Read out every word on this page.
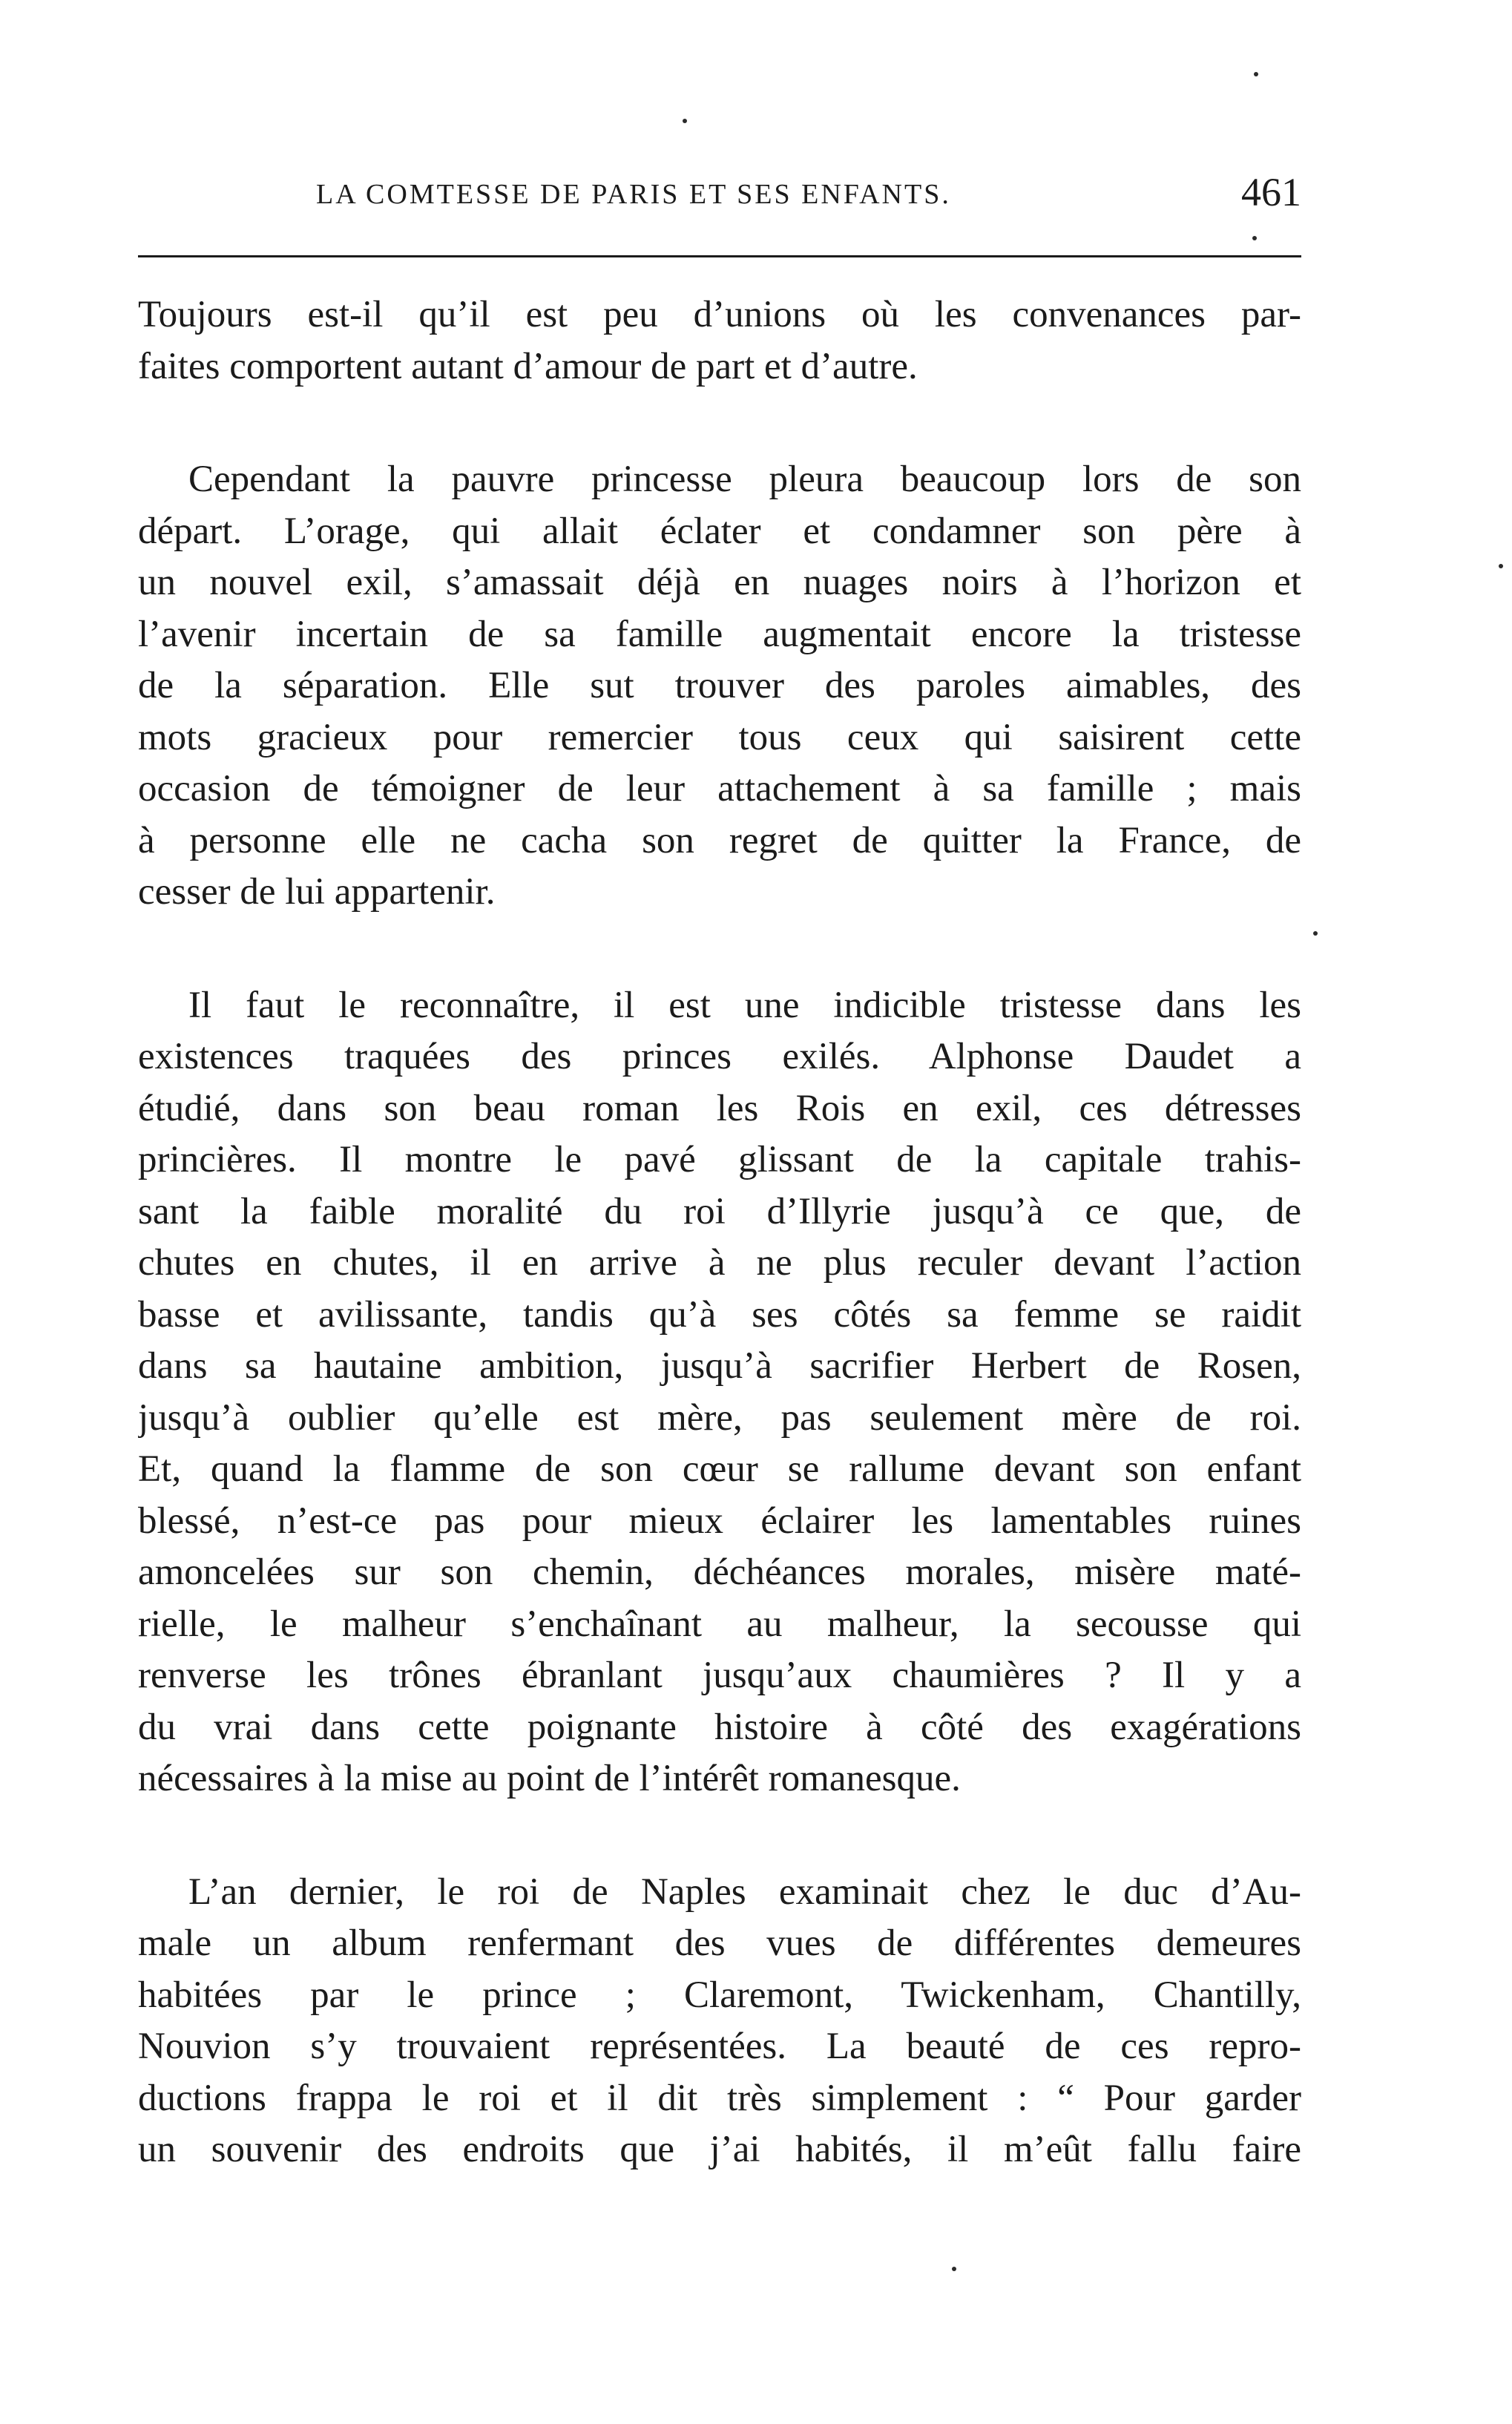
LA COMTESSE DE PARIS ET SES ENFANTS.	461

Toujours est-il qu’il est peu d’unions où les convenances par-
faites comportent autant d’amour de part et d’autre.

Cependant la pauvre princesse pleura beaucoup lors de son
départ. L’orage, qui allait éclater et condamner son père à
un nouvel exil, s’amassait déjà en nuages noirs à l’horizon et
l’avenir incertain de sa famille augmentait encore la tristesse
de la séparation. Elle sut trouver des paroles aimables, des
mots gracieux pour remercier tous ceux qui saisirent cette
occasion de témoigner de leur attachement à sa famille ; mais
à personne elle ne cacha son regret de quitter la France, de
cesser de lui appartenir.

Il faut le reconnaître, il est une indicible tristesse dans les
existences traquées des princes exilés. Alphonse Daudet a
étudié, dans son beau roman les Rois en exil, ces détresses
princières. Il montre le pavé glissant de la capitale trahis-
sant la faible moralité du roi d’Illyrie jusqu’à ce que, de
chutes en chutes, il en arrive à ne plus reculer devant l’action
basse et avilissante, tandis qu’à ses côtés sa femme se raidit
dans sa hautaine ambition, jusqu’à sacrifier Herbert de Rosen,
jusqu’à oublier qu’elle est mère, pas seulement mère de roi.
Et, quand la flamme de son cœur se rallume devant son enfant
blessé, n’est-ce pas pour mieux éclairer les lamentables ruines
amoncelées sur son chemin, déchéances morales, misère maté-
rielle, le malheur s’enchaînant au malheur, la secousse qui
renverse les trônes ébranlant jusqu’aux chaumières ? Il y a
du vrai dans cette poignante histoire à côté des exagérations
nécessaires à la mise au point de l’intérêt romanesque.

L’an dernier, le roi de Naples examinait chez le duc d’Au-
male un album renfermant des vues de différentes demeures
habitées par le prince ; Claremont, Twickenham, Chantilly,
Nouvion s’y trouvaient représentées. La beauté de ces repro-
ductions frappa le roi et il dit très simplement : “ Pour garder
un souvenir des endroits que j’ai habités, il m’eût fallu faire
